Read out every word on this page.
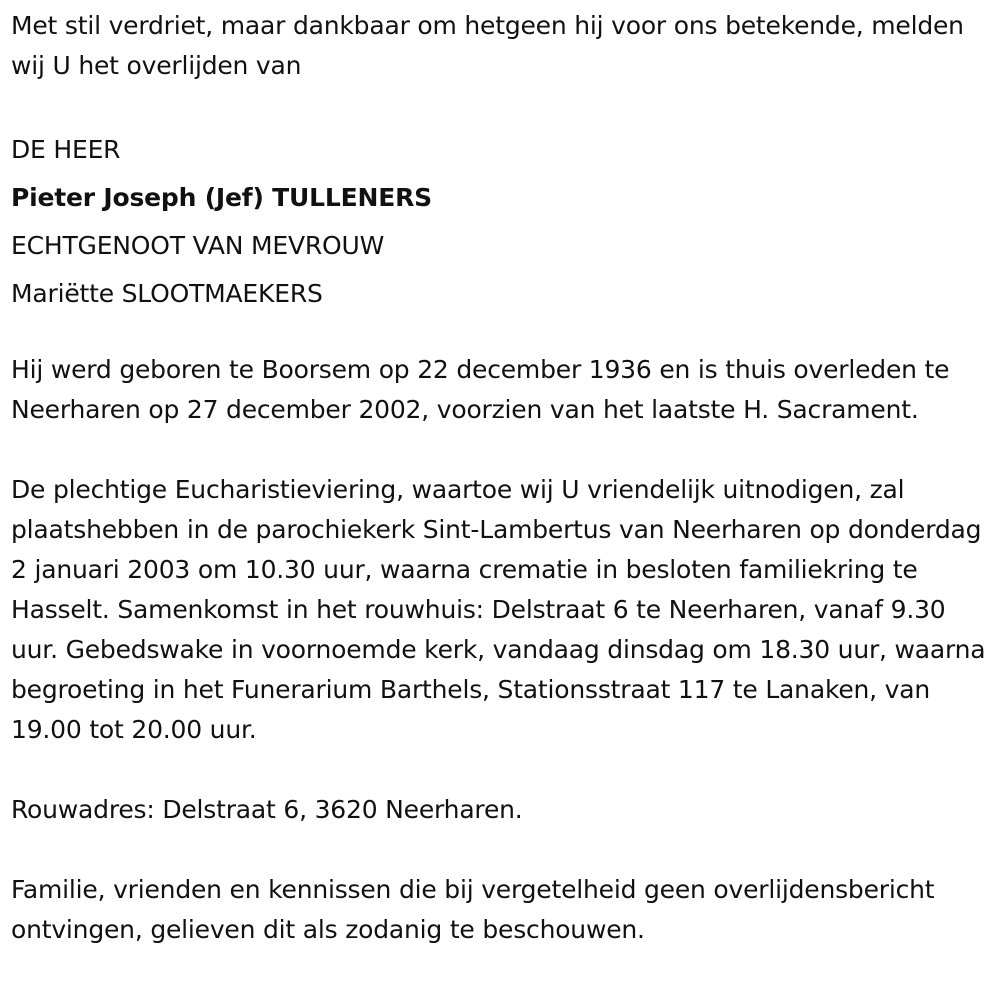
Met stil verdriet, maar dankbaar om hetgeen hij voor ons betekende, melden wij U het overlijden van

DE HEER
Pieter Joseph (Jef) TULLENERS
ECHTGENOOT VAN MEVROUW
Mariëtte SLOOTMAEKERS

Hij werd geboren te Boorsem op 22 december 1936 en is thuis overleden te Neerharen op 27 december 2002, voorzien van het laatste H. Sacrament.

De plechtige Eucharistieviering, waartoe wij U vriendelijk uitnodigen, zal plaatshebben in de parochiekerk Sint-Lambertus van Neerharen op donderdag 2 januari 2003 om 10.30 uur, waarna crematie in besloten familiekring te Hasselt. Samenkomst in het rouwhuis: Delstraat 6 te Neerharen, vanaf 9.30 uur. Gebedswake in voornoemde kerk, vandaag dinsdag om 18.30 uur, waarna begroeting in het Funerarium Barthels, Stationsstraat 117 te Lanaken, van 19.00 tot 20.00 uur.

Rouwadres: Delstraat 6, 3620 Neerharen.

Familie, vrienden en kennissen die bij vergetelheid geen overlijdensbericht ontvingen, gelieven dit als zodanig te beschouwen.
